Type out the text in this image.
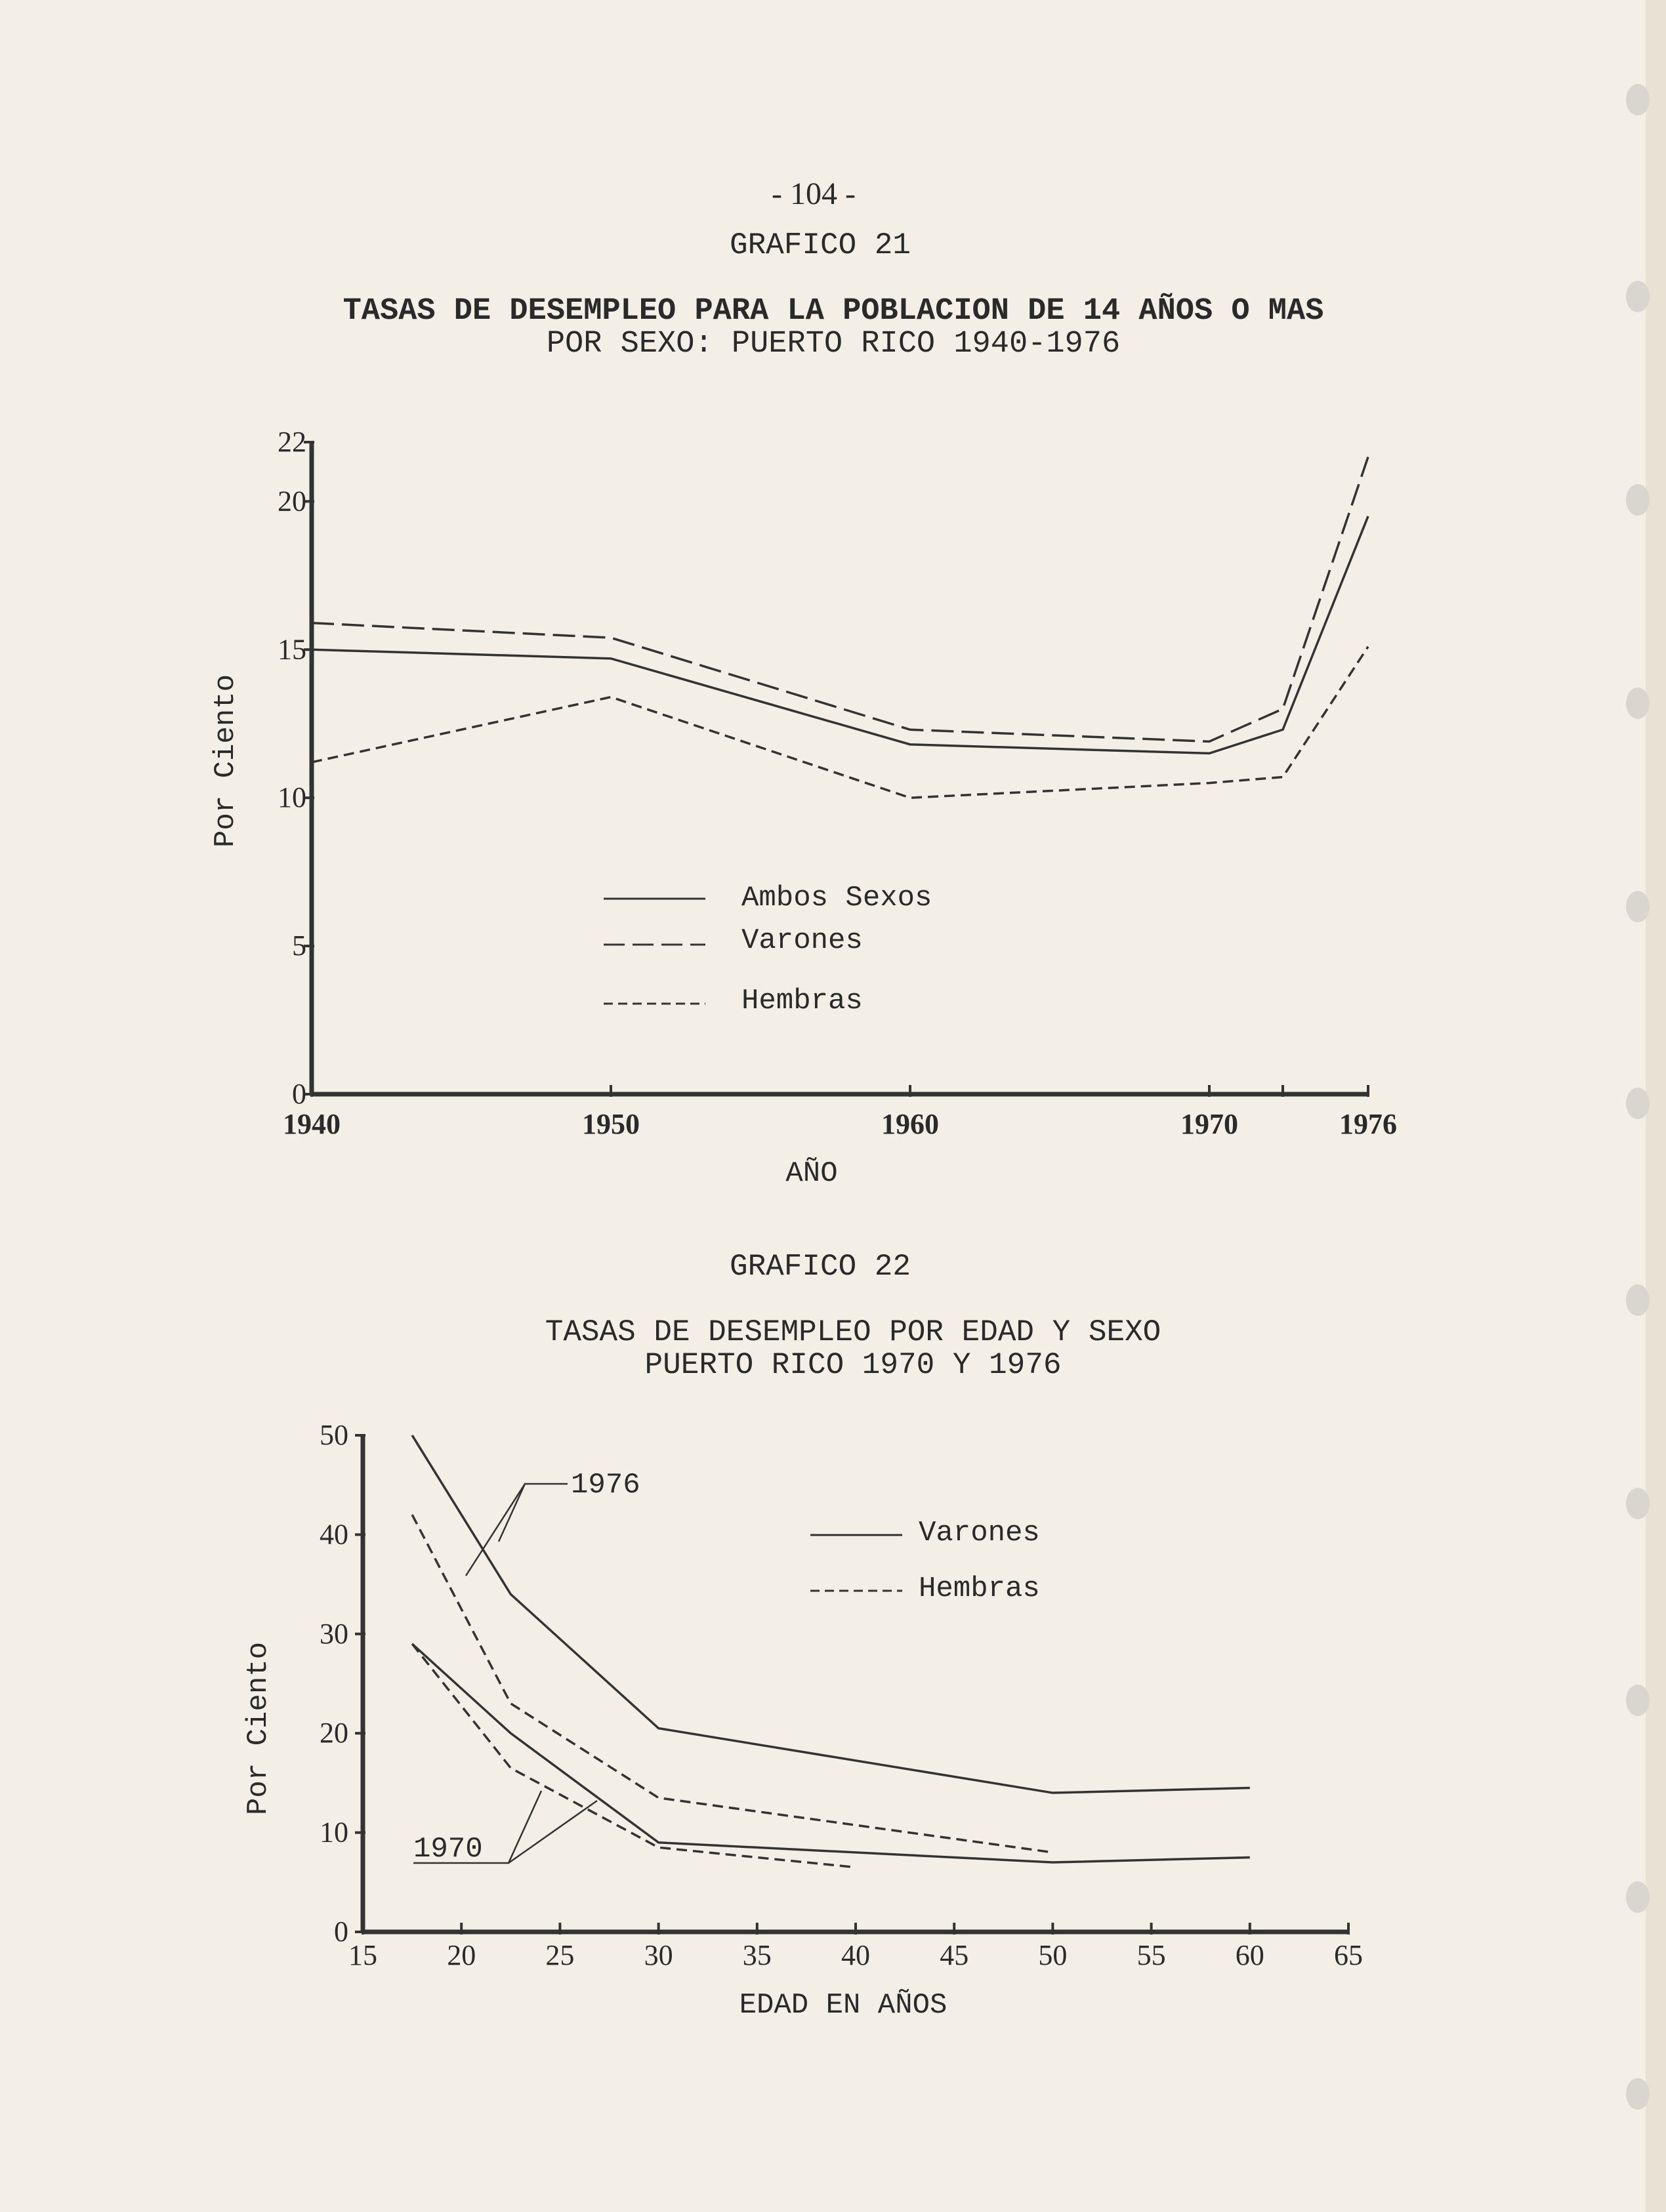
- 104 -
GRAFICO 21
TASAS DE DESEMPLEO PARA LA POBLACION DE 14 AÑOS O MAS
POR SEXO: PUERTO RICO 1940-1976
GRAFICO 22
TASAS DE DESEMPLEO POR EDAD Y SEXO
PUERTO RICO 1970 Y 1976
Por Ciento
AÑO
Ambos Sexos
Varones
Hembras
Por Ciento
EDAD EN AÑOS
Varones
Hembras
1976
1970
0
5
10
15
20
22
1940	1950	1960	1970	1976
0
10
20
30
40
50
15 20 25 30 35 40 45 50 55 60 65
